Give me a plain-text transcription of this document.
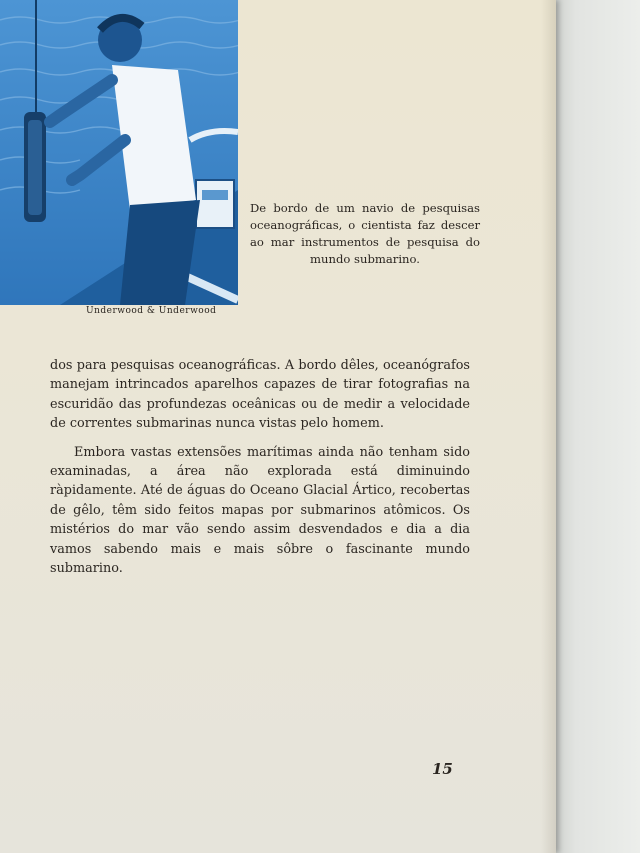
De bordo de um navio de pesquisas oceanográficas, o cientista faz descer ao mar instrumentos de pesquisa do mundo submarino.
Underwood & Underwood

dos para pesquisas oceanográficas. A bordo dêles, oceanógrafos manejam intrincados aparelhos capazes de tirar fotografias na escuridão das profundezas oceânicas ou de medir a velocidade de correntes submarinas nunca vistas pelo homem.

Embora vastas extensões marítimas ainda não tenham sido examinadas, a área não explorada está diminuindo ràpidamente. Até de águas do Oceano Glacial Ártico, recobertas de gêlo, têm sido feitos mapas por submarinos atômicos. Os mistérios do mar vão sendo assim desvendados e dia a dia vamos sabendo mais e mais sôbre o fascinante mundo submarino.

15
